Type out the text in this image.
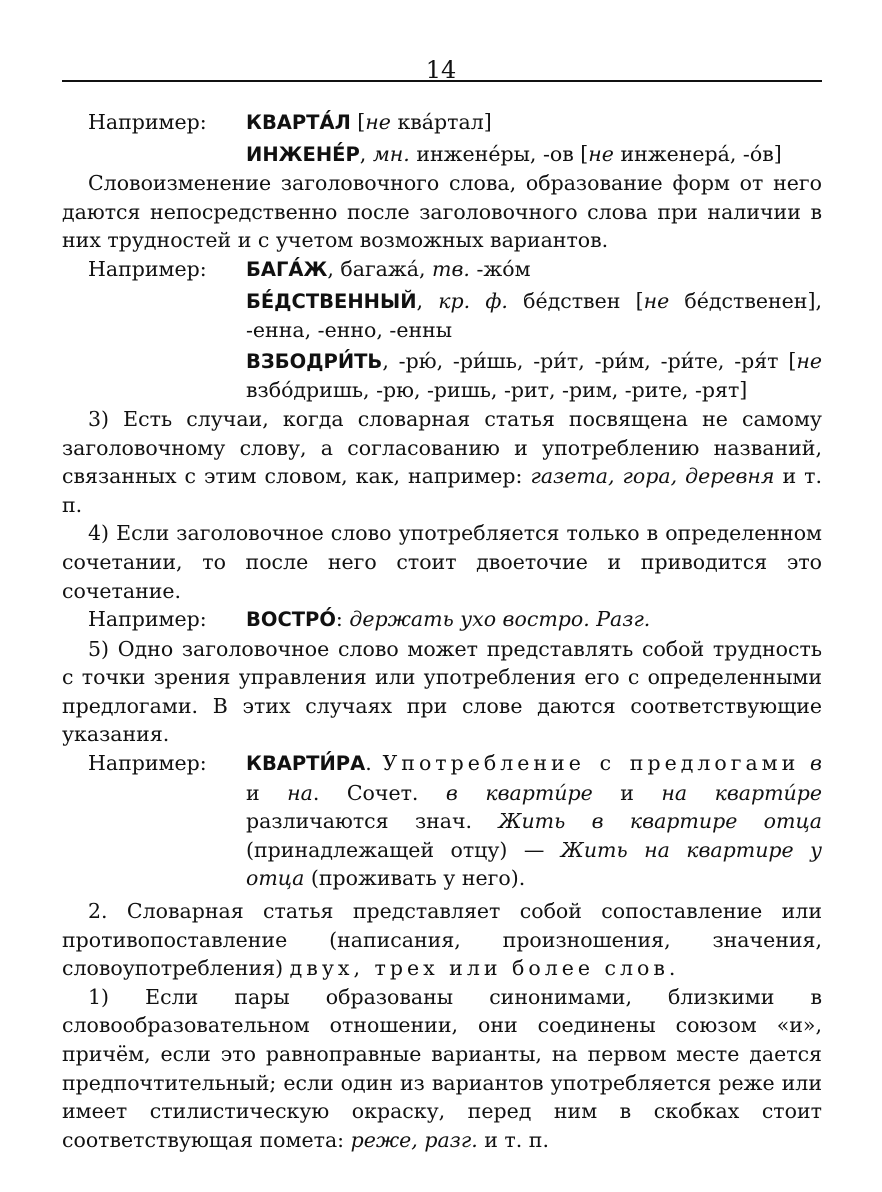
14
Например:	КВАРТА́Л [не ква́ртал]
ИНЖЕНЕ́Р, мн. инжене́ры, -ов [не инженера́, -о́в]

Словоизменение заголовочного слова, образование форм от него даются непосредственно после заголовочного слова при наличии в них трудностей и с учетом возможных вариантов.

Например:	БАГА́Ж, багажа́, тв. -жо́м
БЕ́ДСТВЕННЫЙ, кр. ф. бе́дствен [не бе́дственен], -енна, -енно, -енны
ВЗБОДРИ́ТЬ, -рю́, -ри́шь, -ри́т, -ри́м, -ри́те, -ря́т [не взбо́дришь, -рю, -ришь, -рит, -рим, -рите, -рят]

3) Есть случаи, когда словарная статья посвящена не самому заголовочному слову, а согласованию и употреблению названий, связанных с этим словом, как, например: газета, гора, деревня и т. п.

4) Если заголовочное слово употребляется только в определенном сочетании, то после него стоит двоеточие и приводится это сочетание.

Например:	ВОСТРО́: держать ухо востро. Разг.

5) Одно заголовочное слово может представлять собой трудность с точки зрения управления или употребления его с определенными предлогами. В этих случаях при слове даются соответствующие указания.

Например:	КВАРТИ́РА. Употребление с предлогами в и на. Сочет. в кварти́ре и на кварти́ре различаются знач. Жить в квартире отца (принадлежащей отцу) — Жить на квартире у отца (проживать у него).

2. Словарная статья представляет собой сопоставление или противопоставление (написания, произношения, значения, словоупотребления) двух, трех или более слов.

1) Если пары образованы синонимами, близкими в словообразовательном отношении, они соединены союзом «и», причём, если это равноправные варианты, на первом месте дается предпочтительный; если один из вариантов употребляется реже или имеет стилистическую окраску, перед ним в скобках стоит соответствующая помета: реже, разг. и т. п.
